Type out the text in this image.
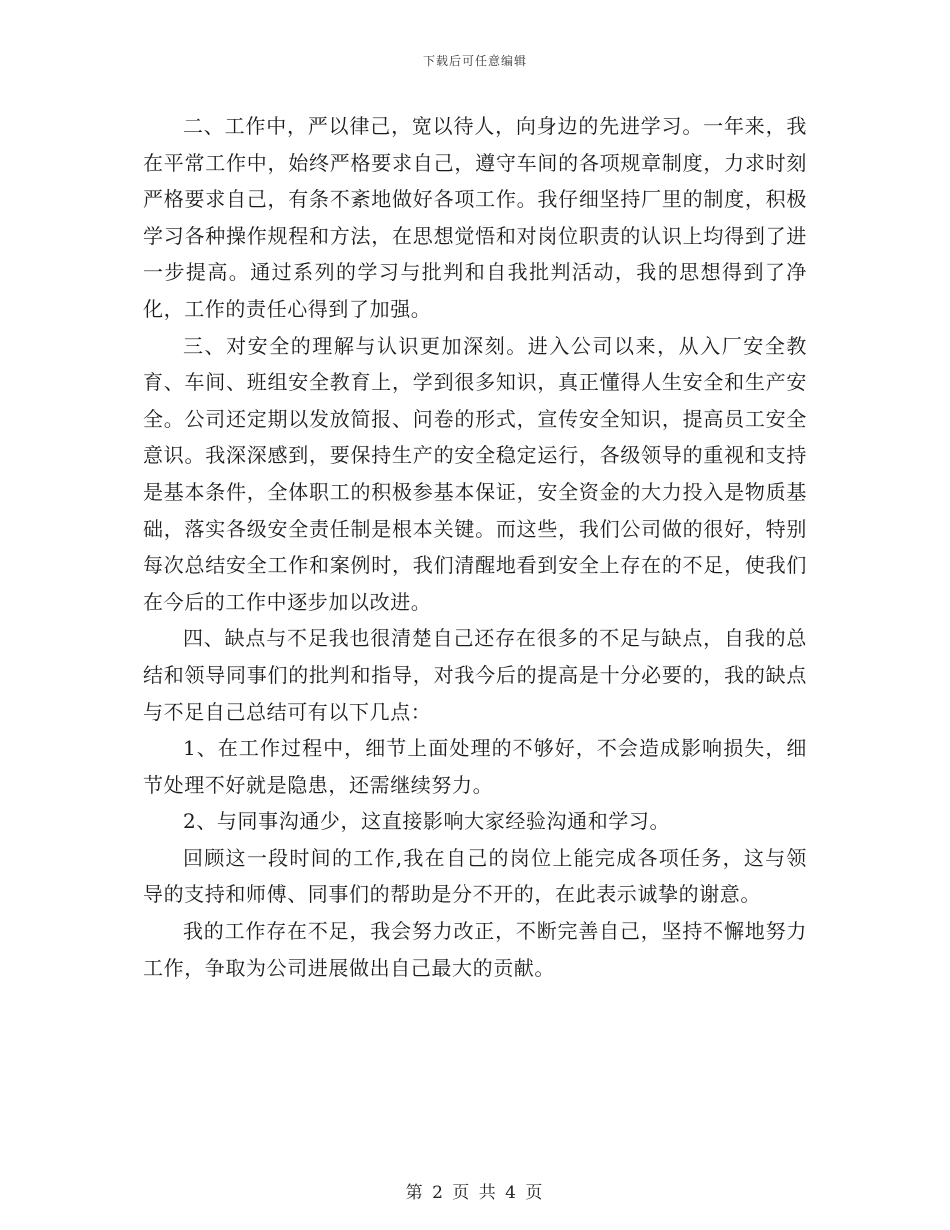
下载后可任意编辑

二、工作中，严以律己，宽以待人，向身边的先进学习。一年来，我在平常工作中，始终严格要求自己，遵守车间的各项规章制度，力求时刻严格要求自己，有条不紊地做好各项工作。我仔细坚持厂里的制度，积极学习各种操作规程和方法，在思想觉悟和对岗位职责的认识上均得到了进一步提高。通过系列的学习与批判和自我批判活动，我的思想得到了净化，工作的责任心得到了加强。

三、对安全的理解与认识更加深刻。进入公司以来，从入厂安全教育、车间、班组安全教育上，学到很多知识，真正懂得人生安全和生产安全。公司还定期以发放简报、问卷的形式，宣传安全知识，提高员工安全意识。我深深感到，要保持生产的安全稳定运行，各级领导的重视和支持是基本条件，全体职工的积极参基本保证，安全资金的大力投入是物质基础，落实各级安全责任制是根本关键。而这些，我们公司做的很好，特别每次总结安全工作和案例时，我们清醒地看到安全上存在的不足，使我们在今后的工作中逐步加以改进。

四、缺点与不足我也很清楚自己还存在很多的不足与缺点，自我的总结和领导同事们的批判和指导，对我今后的提高是十分必要的，我的缺点与不足自己总结可有以下几点：

1、在工作过程中，细节上面处理的不够好，不会造成影响损失，细节处理不好就是隐患，还需继续努力。

2、与同事沟通少，这直接影响大家经验沟通和学习。

回顾这一段时间的工作,我在自己的岗位上能完成各项任务，这与领导的支持和师傅、同事们的帮助是分不开的，在此表示诚挚的谢意。

我的工作存在不足，我会努力改正，不断完善自己，坚持不懈地努力工作，争取为公司进展做出自己最大的贡献。

第 2 页 共 4 页
